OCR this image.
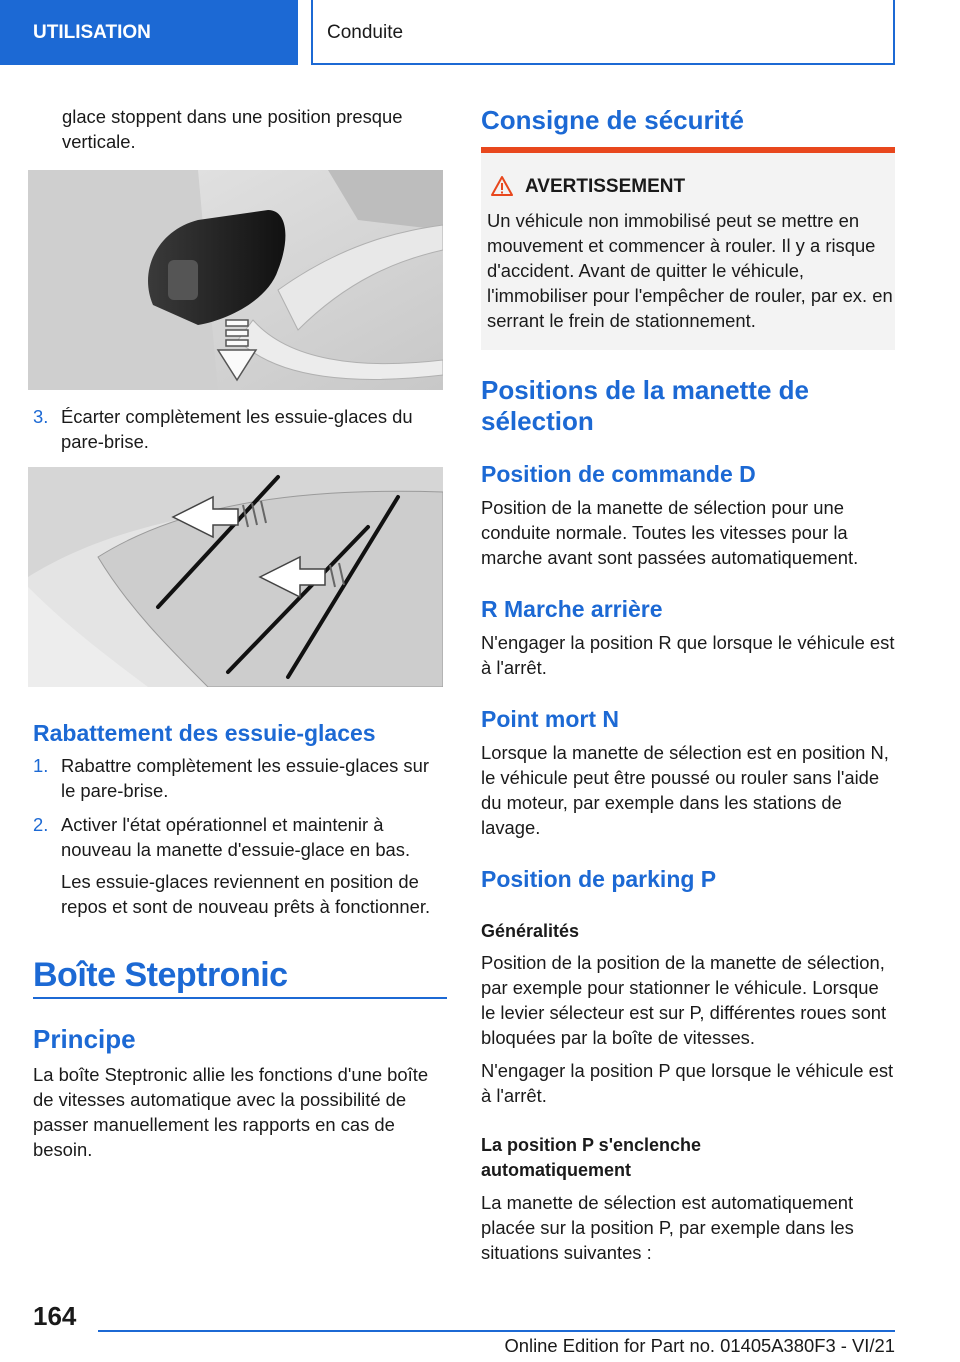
UTILISATION	Conduite

glace stoppent dans une position presque verticale.

3. Écarter complètement les essuie-glaces du pare-brise.
Rabattement des essuie-glaces
1. Rabattre complètement les essuie-glaces sur le pare-brise.
2. Activer l'état opérationnel et maintenir à nouveau la manette d'essuie-glace en bas.

Les essuie-glaces reviennent en position de repos et sont de nouveau prêts à fonctionner.

Boîte Steptronic
Principe

La boîte Steptronic allie les fonctions d'une boîte de vitesses automatique avec la possibilité de passer manuellement les rapports en cas de besoin.

Consigne de sécurité
AVERTISSEMENT

Un véhicule non immobilisé peut se mettre en mouvement et commencer à rouler. Il y a risque d'accident. Avant de quitter le véhicule, l'immobiliser pour l'empêcher de rouler, par ex. en serrant le frein de stationnement.

Positions de la manette de sélection
Position de commande D

Position de la manette de sélection pour une conduite normale. Toutes les vitesses pour la marche avant sont passées automatiquement.

R Marche arrière

N'engager la position R que lorsque le véhicule est à l'arrêt.

Point mort N

Lorsque la manette de sélection est en position N, le véhicule peut être poussé ou rouler sans l'aide du moteur, par exemple dans les stations de lavage.

Position de parking P
Généralités

Position de la position de la manette de sélection, par exemple pour stationner le véhicule. Lorsque le levier sélecteur est sur P, différentes roues sont bloquées par la boîte de vitesses.

N'engager la position P que lorsque le véhicule est à l'arrêt.

La position P s'enclenche automatiquement

La manette de sélection est automatiquement placée sur la position P, par exemple dans les situations suivantes :

164
Online Edition for Part no. 01405A380F3 - VI/21
